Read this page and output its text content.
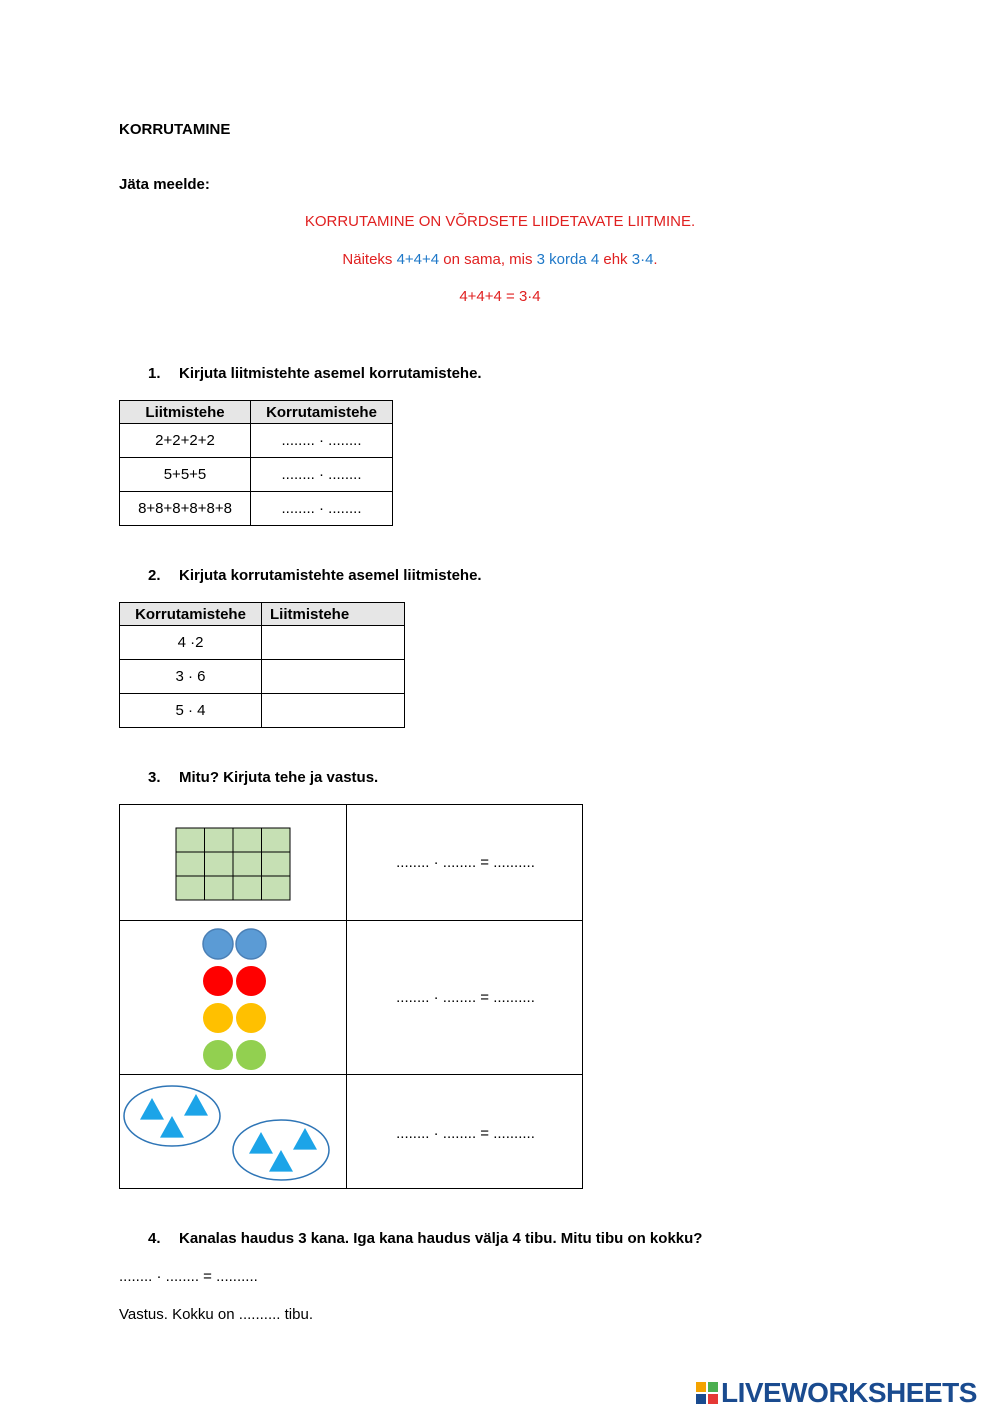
KORRUTAMINE
Jäta meelde:
KORRUTAMINE ON VÕRDSETE LIIDETAVATE LIITMINE.
Näiteks 4+4+4 on sama, mis 3 korda 4 ehk 3·4.
4+4+4 = 3·4
1. Kirjuta liitmistehte asemel korrutamistehe.
Liitmistehe	Korrutamistehe
2+2+2+2	........ · ........
5+5+5	........ · ........
8+8+8+8+8+8	........ · ........
2. Kirjuta korrutamistehte asemel liitmistehe.
Korrutamistehe	Liitmistehe
4 ·2	
3 · 6	
5 · 4	
3. Mitu? Kirjuta tehe ja vastus.
........ · ........ = ..........
........ · ........ = ..........
........ · ........ = ..........
4. Kanalas haudus 3 kana. Iga kana haudus välja 4 tibu. Mitu tibu on kokku?
........ · ........ = ..........
Vastus. Kokku on .......... tibu.
LIVEWORKSHEETS
